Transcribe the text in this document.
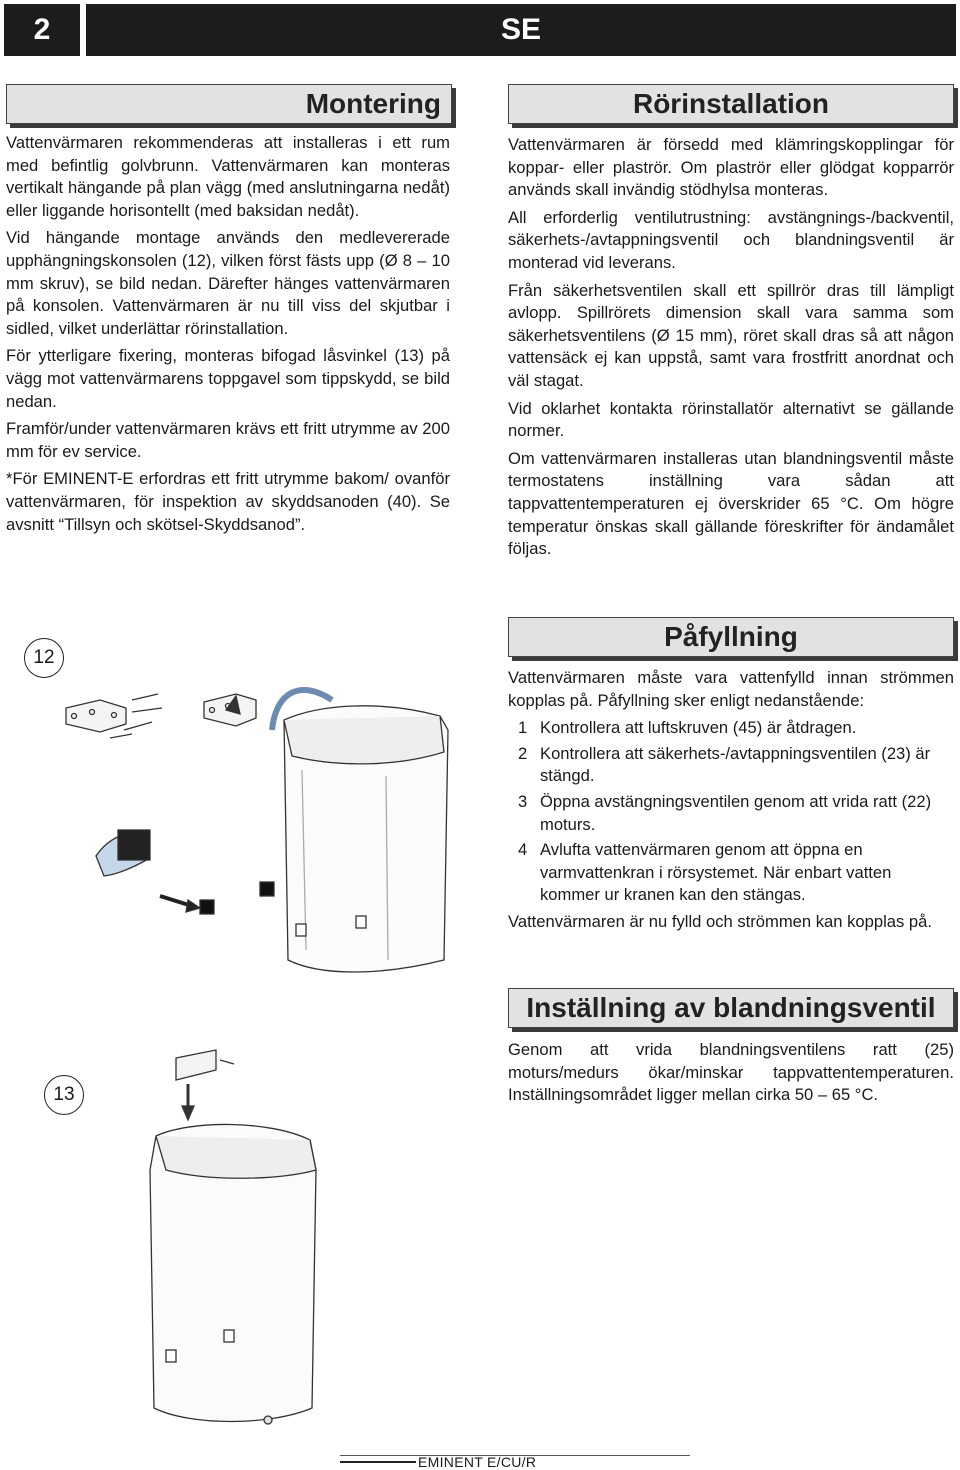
2	SE
Montering

Vattenvärmaren rekommenderas att installeras i ett rum med befintlig golvbrunn. Vattenvärmaren kan monteras vertikalt hängande på plan vägg (med anslutningarna nedåt) eller liggande horisontellt (med baksidan nedåt).

Vid hängande montage används den medlevererade upphängningskonsolen (12), vilken först fästs upp (Ø 8 – 10 mm skruv), se bild nedan. Därefter hänges vattenvärmaren på konsolen. Vattenvärmaren är nu till viss del skjutbar i sidled, vilket underlättar rörinstallation.

För ytterligare fixering, monteras bifogad låsvinkel (13) på vägg mot vattenvärmarens toppgavel som tippskydd, se bild nedan.

Framför/under vattenvärmaren krävs ett fritt utrymme av 200 mm för ev service.

*För EMINENT-E erfordras ett fritt utrymme bakom/ ovanför vattenvärmaren, för inspektion av skyddsanoden (40). Se avsnitt “Tillsyn och skötsel-Skyddsanod”.

12
13
Rörinstallation

Vattenvärmaren är försedd med klämringskopplingar för koppar- eller plaströr. Om plaströr eller glödgat kopparrör används skall invändig stödhylsa monteras.

All erforderlig ventilutrustning: avstängnings-/backventil, säkerhets-/avtappningsventil och blandningsventil är monterad vid leverans.

Från säkerhetsventilen skall ett spillrör dras till lämpligt avlopp. Spillrörets dimension skall vara samma som säkerhetsventilens (Ø 15 mm), röret skall dras så att någon vattensäck ej kan uppstå, samt vara frostfritt anordnat och väl stagat.

Vid oklarhet kontakta rörinstallatör alternativt se gällande normer.

Om vattenvärmaren installeras utan blandningsventil måste termostatens inställning vara sådan att tappvattentemperaturen ej överskrider 65 °C. Om högre temperatur önskas skall gällande föreskrifter för ändamålet följas.

Påfyllning

Vattenvärmaren måste vara vattenfylld innan strömmen kopplas på. Påfyllning sker enligt nedanstående:

1 Kontrollera att luftskruven (45) är åtdragen.
2 Kontrollera att säkerhets-/avtappningsventilen (23) är stängd.
3 Öppna avstängningsventilen genom att vrida ratt (22) moturs.
4 Avlufta vattenvärmaren genom att öppna en varmvattenkran i rörsystemet. När enbart vatten kommer ur kranen kan den stängas.

Vattenvärmaren är nu fylld och strömmen kan kopplas på.

Inställning av blandningsventil

Genom att vrida blandningsventilens ratt (25) moturs/medurs ökar/minskar tappvattentemperaturen. Inställningsområdet ligger mellan cirka 50 – 65 °C.

EMINENT E/CU/R
